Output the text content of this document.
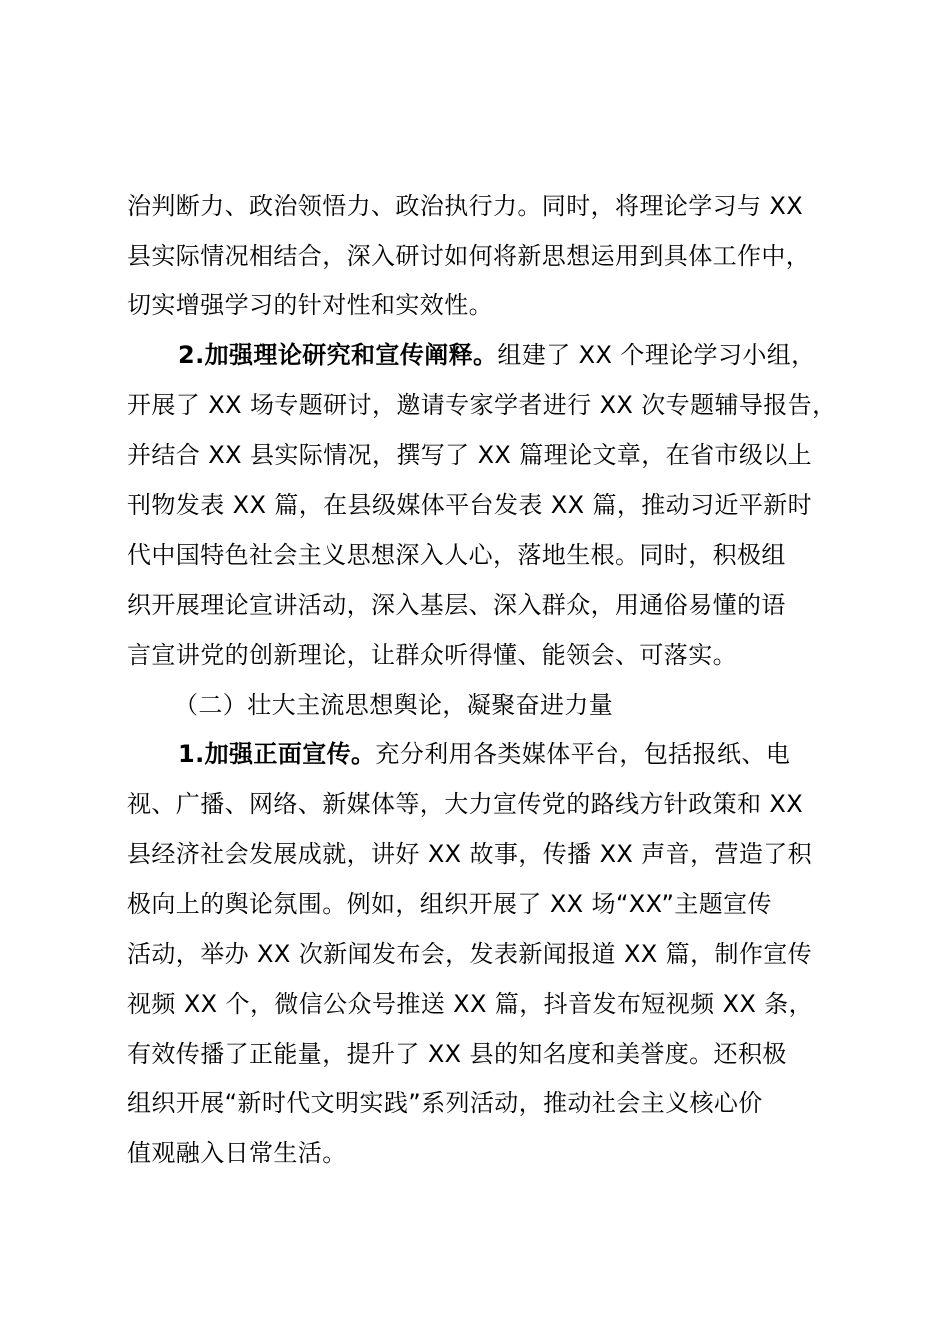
治判断力、政治领悟力、政治执行力。同时，将理论学习与 XX
县实际情况相结合，深入研讨如何将新思想运用到具体工作中，
切实增强学习的针对性和实效性。
2.加强理论研究和宣传阐释。组建了 XX 个理论学习小组，
开展了 XX 场专题研讨，邀请专家学者进行 XX 次专题辅导报告，
并结合 XX 县实际情况，撰写了 XX 篇理论文章，在省市级以上
刊物发表 XX 篇，在县级媒体平台发表 XX 篇，推动习近平新时
代中国特色社会主义思想深入人心，落地生根。同时，积极组
织开展理论宣讲活动，深入基层、深入群众，用通俗易懂的语
言宣讲党的创新理论，让群众听得懂、能领会、可落实。
（二）壮大主流思想舆论，凝聚奋进力量
1.加强正面宣传。充分利用各类媒体平台，包括报纸、电
视、广播、网络、新媒体等，大力宣传党的路线方针政策和 XX
县经济社会发展成就，讲好 XX 故事，传播 XX 声音，营造了积
极向上的舆论氛围。例如，组织开展了 XX 场“XX”主题宣传
活动，举办 XX 次新闻发布会，发表新闻报道 XX 篇，制作宣传
视频 XX 个，微信公众号推送 XX 篇，抖音发布短视频 XX 条，
有效传播了正能量，提升了 XX 县的知名度和美誉度。还积极
组织开展“新时代文明实践”系列活动，推动社会主义核心价
值观融入日常生活。
